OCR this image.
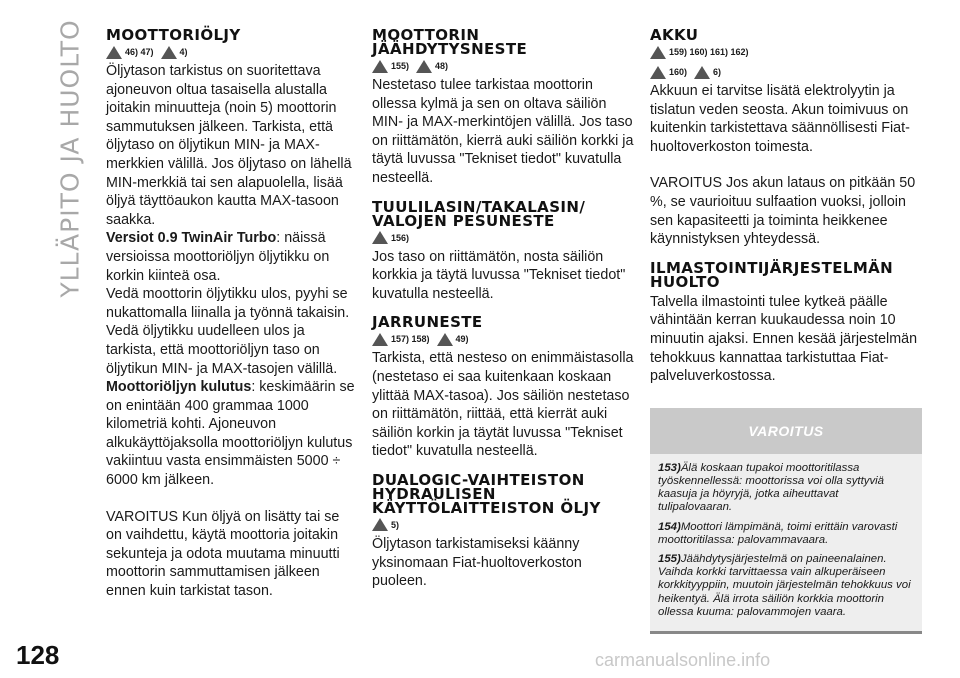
YLLÄPITO JA HUOLTO
128	carmanualsonline.info
MOOTTORIÖLJY
46) 47)	4)

Öljytason tarkistus on suoritettava ajoneuvon oltua tasaisella alustalla joitakin minuutteja (noin 5) moottorin sammutuksen jälkeen. Tarkista, että öljytaso on öljytikun MIN- ja MAX-merkkien välillä. Jos öljytaso on lähellä MIN-merkkiä tai sen alapuolella, lisää öljyä täyttöaukon kautta MAX-tasoon saakka.

Versiot 0.9 TwinAir Turbo: näissä versioissa moottoriöljyn öljytikku on korkin kiinteä osa.

Vedä moottorin öljytikku ulos, pyyhi se nukattomalla liinalla ja työnnä takaisin. Vedä öljytikku uudelleen ulos ja tarkista, että moottoriöljyn taso on öljytikun MIN- ja MAX-tasojen välillä.

Moottoriöljyn kulutus: keskimäärin se on enintään 400 grammaa 1000 kilometriä kohti. Ajoneuvon alkukäyttöjaksolla moottoriöljyn kulutus vakiintuu vasta ensimmäisten 5000 ÷ 6000 km jälkeen.

VAROITUS Kun öljyä on lisätty tai se on vaihdettu, käytä moottoria joitakin sekunteja ja odota muutama minuutti moottorin sammuttamisen jälkeen ennen kuin tarkistat tason.

MOOTTORIN JÄÄHDYTYSNESTE
155)	48)

Nestetaso tulee tarkistaa moottorin ollessa kylmä ja sen on oltava säiliön MIN- ja MAX-merkintöjen välillä. Jos taso on riittämätön, kierrä auki säiliön korkki ja täytä luvussa "Tekniset tiedot" kuvatulla nesteellä.

TUULILASIN/TAKALASIN/ VALOJEN PESUNESTE
156)

Jos taso on riittämätön, nosta säiliön korkkia ja täytä luvussa "Tekniset tiedot" kuvatulla nesteellä.

JARRUNESTE
157) 158)	49)

Tarkista, että nesteso on enimmäistasolla (nestetaso ei saa kuitenkaan koskaan ylittää MAX-tasoa). Jos säiliön nestetaso on riittämätön, riittää, että kierrät auki säiliön korkin ja täytät luvussa "Tekniset tiedot" kuvatulla nesteellä.

DUALOGIC-VAIHTEISTON HYDRAULISEN KÄYTTÖLAITTEISTON ÖLJY
5)

Öljytason tarkistamiseksi käänny yksinomaan Fiat-huoltoverkoston puoleen.

AKKU
159) 160) 161) 162)
160)	6)

Akkuun ei tarvitse lisätä elektrolyytin ja tislatun veden seosta. Akun toimivuus on kuitenkin tarkistettava säännöllisesti Fiat-huoltoverkoston toimesta.

VAROITUS Jos akun lataus on pitkään 50 %, se vaurioituu sulfaation vuoksi, jolloin sen kapasiteetti ja toiminta heikkenee käynnistyksen yhteydessä.

ILMASTOINTIJÄRJESTELMÄN HUOLTO

Talvella ilmastointi tulee kytkeä päälle vähintään kerran kuukaudessa noin 10 minuutin ajaksi. Ennen kesää järjestelmän tehokkuus kannattaa tarkistuttaa Fiat-palveluverkostossa.

VAROITUS

153)Älä koskaan tupakoi moottoritilassa työskennellessä: moottorissa voi olla syttyviä kaasuja ja höyryjä, jotka aiheuttavat tulipalovaaran.

154)Moottori lämpimänä, toimi erittäin varovasti moottoritilassa: palovammavaara.

155)Jäähdytysjärjestelmä on paineenalainen. Vaihda korkki tarvittaessa vain alkuperäiseen korkkityyppiin, muutoin järjestelmän tehokkuus voi heikentyä. Älä irrota säiliön korkkia moottorin ollessa kuuma: palovammojen vaara.
